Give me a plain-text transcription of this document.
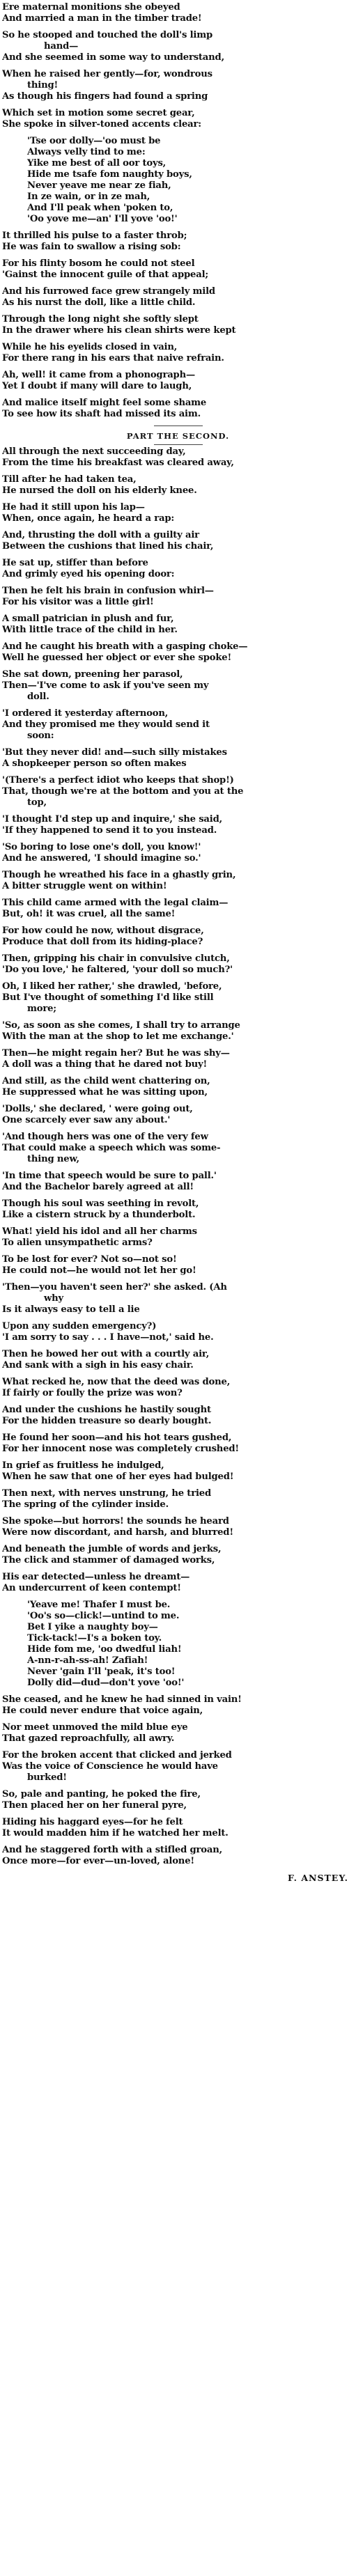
Ere maternal monitions she obeyed
And married a man in the timber trade!
So he stooped and touched the doll's limp
hand—
And she seemed in some way to understand,
When he raised her gently—for, wondrous
thing!
As though his fingers had found a spring
Which set in motion some secret gear,
She spoke in silver-toned accents clear:
'Tse oor dolly—'oo must be
Always velly tind to me:
Yike me best of all oor toys,
Hide me tsafe fom naughty boys,
Never yeave me near ze fiah,
In ze wain, or in ze mah,
And I'll peak when 'poken to,
'Oo yove me—an' I'll yove 'oo!'
It thrilled his pulse to a faster throb;
He was fain to swallow a rising sob:
For his flinty bosom he could not steel
'Gainst the innocent guile of that appeal;
And his furrowed face grew strangely mild
As his nurst the doll, like a little child.
Through the long night she softly slept
In the drawer where his clean shirts were kept
While he his eyelids closed in vain,
For there rang in his ears that naive refrain.
Ah, well! it came from a phonograph—
Yet I doubt if many will dare to laugh,
And malice itself might feel some shame
To see how its shaft had missed its aim.
PART THE SECOND.
All through the next succeeding day,
From the time his breakfast was cleared away,
Till after he had taken tea,
He nursed the doll on his elderly knee.
He had it still upon his lap—
When, once again, he heard a rap:
And, thrusting the doll with a guilty air
Between the cushions that lined his chair,
He sat up, stiffer than before
And grimly eyed his opening door:
Then he felt his brain in confusion whirl—
For his visitor was a little girl!
A small patrician in plush and fur,
With little trace of the child in her.
And he caught his breath with a gasping choke—
Well he guessed her object or ever she spoke!
She sat down, preening her parasol,
Then—'I've come to ask if you've seen my
doll.
'I ordered it yesterday afternoon,
And they promised me they would send it
soon:
'But they never did! and—such silly mistakes
A shopkeeper person so often makes
'(There's a perfect idiot who keeps that shop!)
That, though we're at the bottom and you at the
top,
'I thought I'd step up and inquire,' she said,
'If they happened to send it to you instead.
'So boring to lose one's doll, you know!'
And he answered, 'I should imagine so.'
Though he wreathed his face in a ghastly grin,
A bitter struggle went on within!
This child came armed with the legal claim—
But, oh! it was cruel, all the same!
For how could he now, without disgrace,
Produce that doll from its hiding-place?
Then, gripping his chair in convulsive clutch,
'Do you love,' he faltered, 'your doll so much?'
Oh, I liked her rather,' she drawled, 'before,
But I've thought of something I'd like still
more;
'So, as soon as she comes, I shall try to arrange
With the man at the shop to let me exchange.'
Then—he might regain her? But he was shy—
A doll was a thing that he dared not buy!
And still, as the child went chattering on,
He suppressed what he was sitting upon,
'Dolls,' she declared, ' were going out,
One scarcely ever saw any about.'
'And though hers was one of the very few
That could make a speech which was some-
thing new,
'In time that speech would be sure to pall.'
And the Bachelor barely agreed at all!
Though his soul was seething in revolt,
Like a cistern struck by a thunderbolt.
What! yield his idol and all her charms
To alien unsympathetic arms?
To be lost for ever? Not so—not so!
He could not—he would not let her go!
'Then—you haven't seen her?' she asked. (Ah
why
Is it always easy to tell a lie
Upon any sudden emergency?)
'I am sorry to say . . . I have—not,' said he.
Then he bowed her out with a courtly air,
And sank with a sigh in his easy chair.
What recked he, now that the deed was done,
If fairly or foully the prize was won?
And under the cushions he hastily sought
For the hidden treasure so dearly bought.
He found her soon—and his hot tears gushed,
For her innocent nose was completely crushed!
In grief as fruitless he indulged,
When he saw that one of her eyes had bulged!
Then next, with nerves unstrung, he tried
The spring of the cylinder inside.
She spoke—but horrors! the sounds he heard
Were now discordant, and harsh, and blurred!
And beneath the jumble of words and jerks,
The click and stammer of damaged works,
His ear detected—unless he dreamt—
An undercurrent of keen contempt!
'Yeave me! Thafer I must be.
'Oo's so—click!—untind to me.
Bet I yike a naughty boy—
Tick-tack!—I's a boken toy.
Hide fom me, 'oo dwedful liah!
A-nn-r-ah-ss-ah! Zafiah!
Never 'gain I'll 'peak, it's too!
Dolly did—dud—don't yove 'oo!'
She ceased, and he knew he had sinned in vain!
He could never endure that voice again,
Nor meet unmoved the mild blue eye
That gazed reproachfully, all awry.
For the broken accent that clicked and jerked
Was the voice of Conscience he would have
burked!
So, pale and panting, he poked the fire,
Then placed her on her funeral pyre,
Hiding his haggard eyes—for he felt
It would madden him if he watched her melt.
And he staggered forth with a stifled groan,
Once more—for ever—un-loved, alone!
F. ANSTEY.
